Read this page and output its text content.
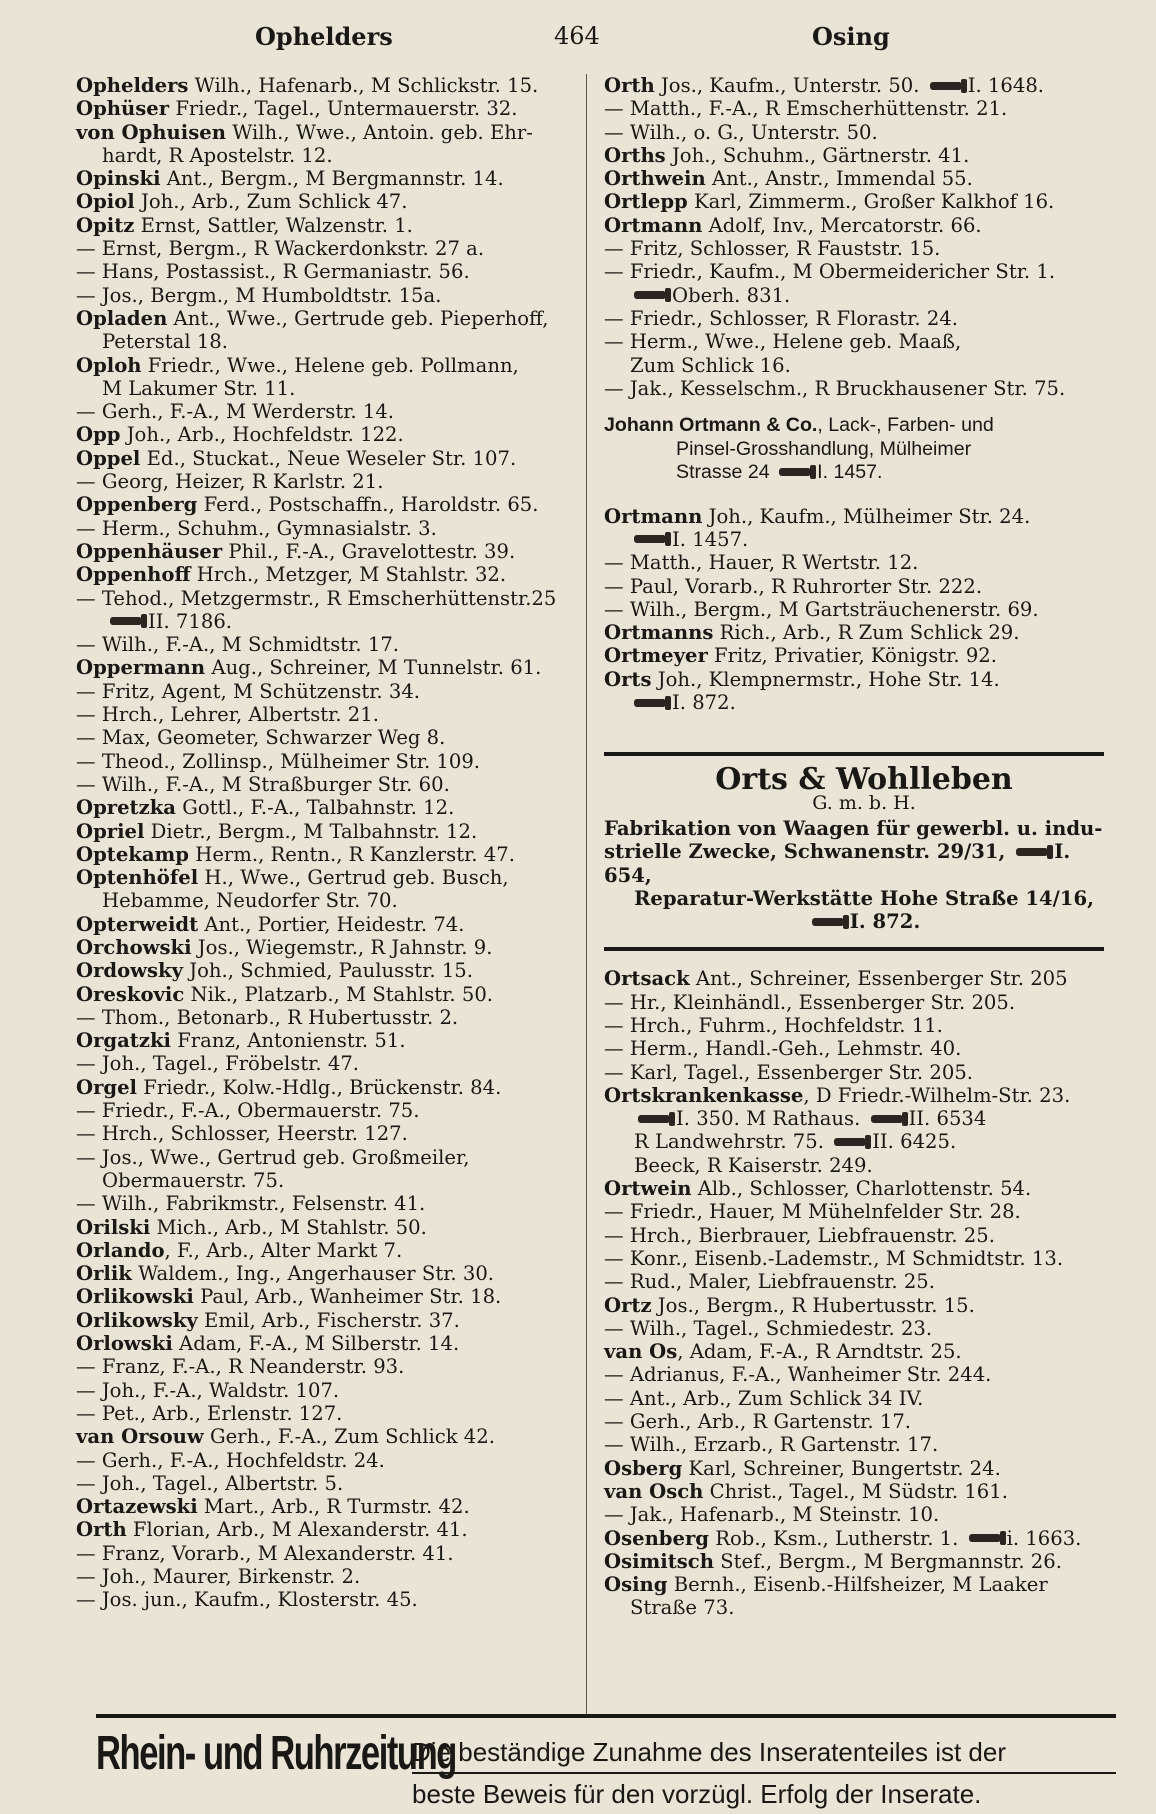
Opheldеrs	464	Osing
Opheldеrs Wilh., Hafenarb., M Schlickstr. 15.
Ophüser Friedr., Tagel., Untermauerstr. 32.
von Ophuisen Wilh., Wwe., Antoin. geb. Ehr-
hardt, R Apostelstr. 12.
Opinski Ant., Bergm., M Bergmannstr. 14.
Opiol Joh., Arb., Zum Schlick 47.
Opitz Ernst, Sattler, Walzenstr. 1.
— Ernst, Bergm., R Wackerdonkstr. 27 a.
— Hans, Postassist., R Germaniastr. 56.
— Jos., Bergm., M Humboldtstr. 15a.
Opladen Ant., Wwe., Gertrude geb. Pieperhoff,
Peterstal 18.
Oploh Friedr., Wwe., Helene geb. Pollmann,
M Lakumer Str. 11.
— Gerh., F.-A., M Werderstr. 14.
Opp Joh., Arb., Hochfeldstr. 122.
Oppel Ed., Stuckat., Neue Weseler Str. 107.
— Georg, Heizer, R Karlstr. 21.
Oppenberg Ferd., Postschaffn., Haroldstr. 65.
— Herm., Schuhm., Gymnasialstr. 3.
Oppenhäuser Phil., F.-A., Gravelottestr. 39.
Oppenhoff Hrch., Metzger, M Stahlstr. 32.
— Tehod., Metzgermstr., R Emscherhüttenstr.25 II. 7186.
— Wilh., F.-A., M Schmidtstr. 17.
Oppermann Aug., Schreiner, M Tunnelstr. 61.
— Fritz, Agent, M Schützenstr. 34.
— Hrch., Lehrer, Albertstr. 21.
— Max, Geometer, Schwarzer Weg 8.
— Theod., Zollinsp., Mülheimer Str. 109.
— Wilh., F.-A., M Straßburger Str. 60.
Opretzka Gottl., F.-A., Talbahnstr. 12.
Opriel Dietr., Bergm., M Talbahnstr. 12.
Optekamp Herm., Rentn., R Kanzlerstr. 47.
Optenhöfel H., Wwe., Gertrud geb. Busch,
Hebamme, Neudorfer Str. 70.
Opterweidt Ant., Portier, Heidestr. 74.
Orchowski Jos., Wiegemstr., R Jahnstr. 9.
Ordowsky Joh., Schmied, Paulusstr. 15.
Oreskovic Nik., Platzarb., M Stahlstr. 50.
— Thom., Betonarb., R Hubertusstr. 2.
Orgatzki Franz, Antonienstr. 51.
— Joh., Tagel., Fröbelstr. 47.
Orgel Friedr., Kolw.-Hdlg., Brückenstr. 84.
— Friedr., F.-A., Obermauerstr. 75.
— Hrch., Schlosser, Heerstr. 127.
— Jos., Wwe., Gertrud geb. Großmeiler,
Obermauerstr. 75.
— Wilh., Fabrikmstr., Felsenstr. 41.
Orilski Mich., Arb., M Stahlstr. 50.
Orlando, F., Arb., Alter Markt 7.
Orlik Waldem., Ing., Angerhauser Str. 30.
Orlikowski Paul, Arb., Wanheimer Str. 18.
Orlikowsky Emil, Arb., Fischerstr. 37.
Orlowski Adam, F.-A., M Silberstr. 14.
— Franz, F.-A., R Neanderstr. 93.
— Joh., F.-A., Waldstr. 107.
— Pet., Arb., Erlenstr. 127.
van Orsouw Gerh., F.-A., Zum Schlick 42.
— Gerh., F.-A., Hochfeldstr. 24.
— Joh., Tagel., Albertstr. 5.
Ortazewski Mart., Arb., R Turmstr. 42.
Orth Florian, Arb., M Alexanderstr. 41.
— Franz, Vorarb., M Alexanderstr. 41.
— Joh., Maurer, Birkenstr. 2.
— Jos. jun., Kaufm., Klosterstr. 45.
Orth Jos., Kaufm., Unterstr. 50. I. 1648.
— Matth., F.-A., R Emscherhüttenstr. 21.
— Wilh., o. G., Unterstr. 50.
Orths Joh., Schuhm., Gärtnerstr. 41.
Orthwein Ant., Anstr., Immendal 55.
Ortlepp Karl, Zimmerm., Großer Kalkhof 16.
Ortmann Adolf, Inv., Mercatorstr. 66.
— Fritz, Schlosser, R Fauststr. 15.
— Friedr., Kaufm., M Obermeidericher Str. 1.
Oberh. 831.
— Friedr., Schlosser, R Florastr. 24.
— Herm., Wwe., Helene geb. Maaß,
Zum Schlick 16.
— Jak., Kesselschm., R Bruckhausener Str. 75.
Johann Ortmann & Co., Lack-, Farben- und
Pinsel-Grosshandlung, Mülheimer
Strasse 24 I. 1457.
Ortmann Joh., Kaufm., Mülheimer Str. 24.
I. 1457.
— Matth., Hauer, R Wertstr. 12.
— Paul, Vorarb., R Ruhrorter Str. 222.
— Wilh., Bergm., M Gartsträuchenerstr. 69.
Ortmanns Rich., Arb., R Zum Schlick 29.
Ortmeyer Fritz, Privatier, Königstr. 92.
Orts Joh., Klempnermstr., Hohe Str. 14.
I. 872.
Orts & Wohlleben
G. m. b. H.
Fabrikation von Waagen für gewerbl. u. indu-
strielle Zwecke, Schwanenstr. 29/31, I. 654,
Reparatur-Werkstätte Hohe Straße 14/16,
I. 872.
Ortsack Ant., Schreiner, Essenberger Str. 205
— Hr., Kleinhändl., Essenberger Str. 205.
— Hrch., Fuhrm., Hochfeldstr. 11.
— Herm., Handl.-Geh., Lehmstr. 40.
— Karl, Tagel., Essenberger Str. 205.
Ortskrankenkasse, D Friedr.-Wilhelm-Str. 23.
I. 350. M Rathaus. II. 6534
R Landwehrstr. 75. II. 6425.
Beeck, R Kaiserstr. 249.
Ortwein Alb., Schlosser, Charlottenstr. 54.
— Friedr., Hauer, M Mühelnfelder Str. 28.
— Hrch., Bierbrauer, Liebfrauenstr. 25.
— Konr., Eisenb.-Lademstr., M Schmidtstr. 13.
— Rud., Maler, Liebfrauenstr. 25.
Ortz Jos., Bergm., R Hubertusstr. 15.
— Wilh., Tagel., Schmiedestr. 23.
van Os, Adam, F.-A., R Arndtstr. 25.
— Adrianus, F.-A., Wanheimer Str. 244.
— Ant., Arb., Zum Schlick 34 IV.
— Gerh., Arb., R Gartenstr. 17.
— Wilh., Erzarb., R Gartenstr. 17.
Osberg Karl, Schreiner, Bungertstr. 24.
van Osch Christ., Tagel., M Südstr. 161.
— Jak., Hafenarb., M Steinstr. 10.
Osenberg Rob., Ksm., Lutherstr. 1. i. 1663.
Osimitsch Stef., Bergm., M Bergmannstr. 26.
Osing Bernh., Eisenb.-Hilfsheizer, M Laaker
Straße 73.
Rhein- und Ruhrzeitung
Die beständige Zunahme des Inseratenteiles ist der
beste Beweis für den vorzügl. Erfolg der Inserate.
